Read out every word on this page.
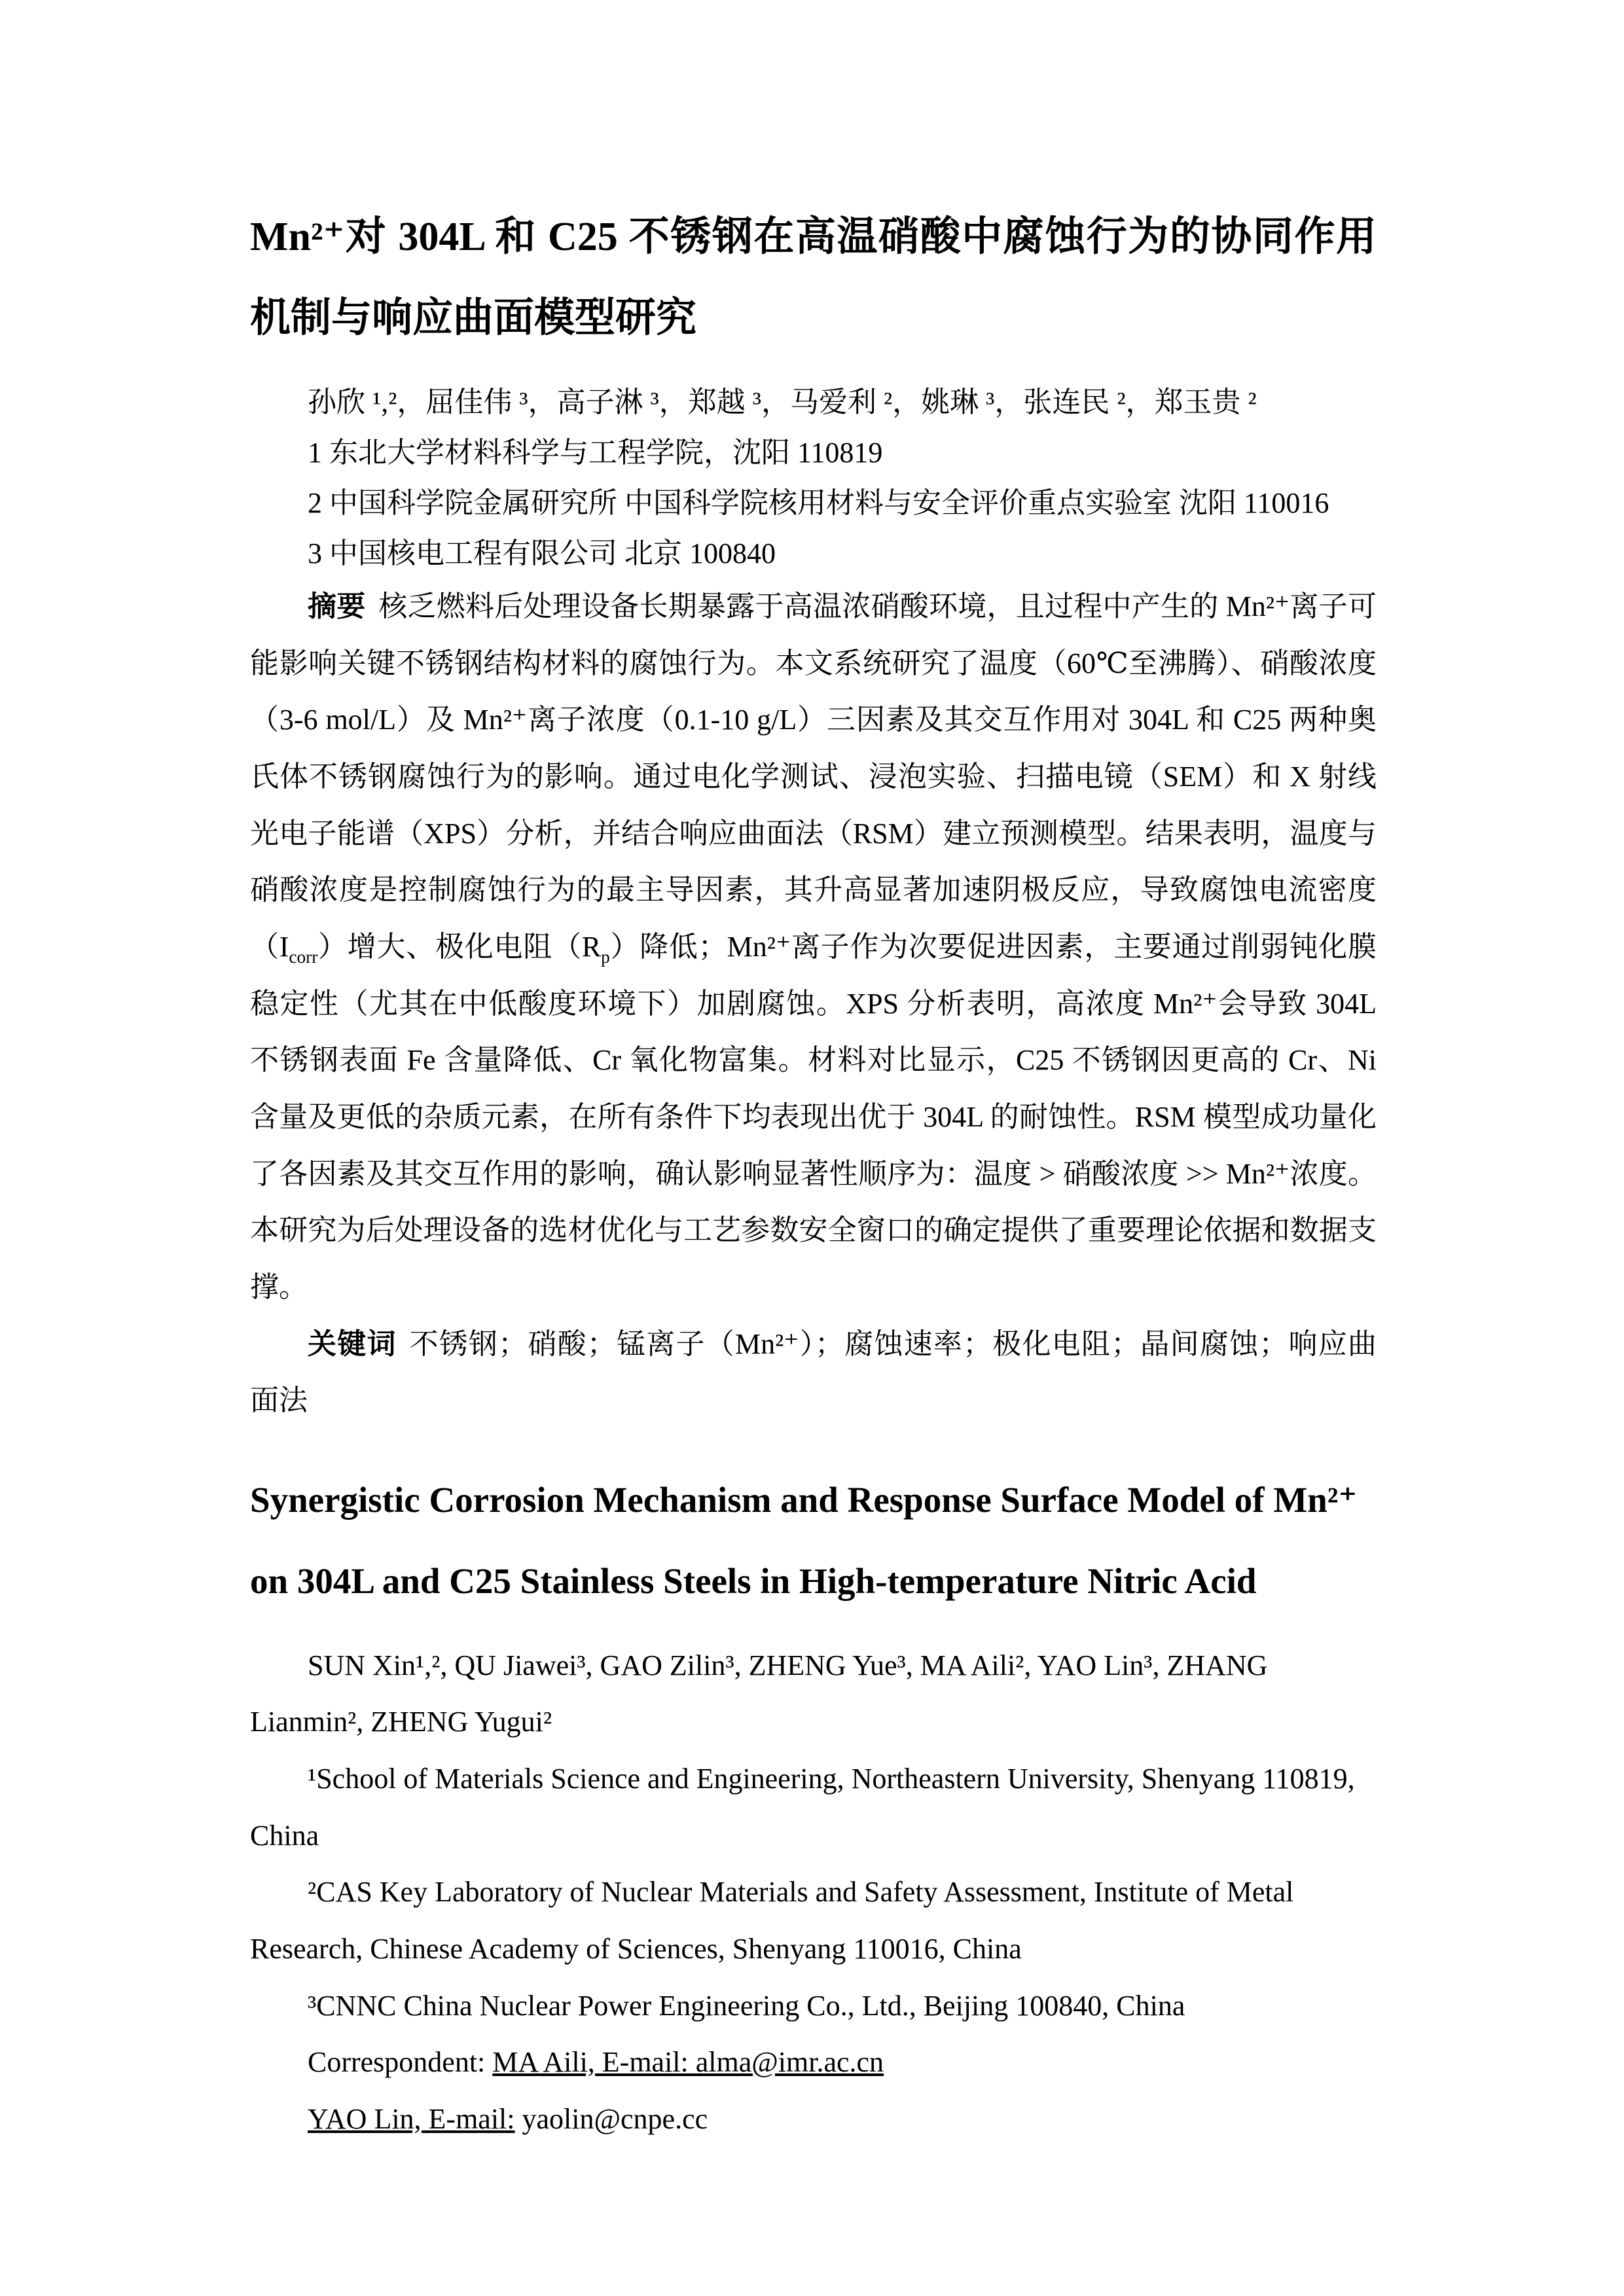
Mn²⁺对 304L 和 C25 不锈钢在高温硝酸中腐蚀行为的协同作用机制与响应曲面模型研究

孙欣 ¹,²，屈佳伟 ³，高子淋 ³，郑越 ³，马爱利 ²，姚琳 ³，张连民 ²，郑玉贵 ²

1 东北大学材料科学与工程学院，沈阳 110819

2 中国科学院金属研究所 中国科学院核用材料与安全评价重点实验室 沈阳 110016

3 中国核电工程有限公司 北京 100840

摘要 核乏燃料后处理设备长期暴露于高温浓硝酸环境，且过程中产生的 Mn²⁺离子可能影响关键不锈钢结构材料的腐蚀行为。本文系统研究了温度（60℃至沸腾）、硝酸浓度（3-6 mol/L）及 Mn²⁺离子浓度（0.1-10 g/L）三因素及其交互作用对 304L 和 C25 两种奥氏体不锈钢腐蚀行为的影响。通过电化学测试、浸泡实验、扫描电镜（SEM）和 X 射线光电子能谱（XPS）分析，并结合响应曲面法（RSM）建立预测模型。结果表明，温度与硝酸浓度是控制腐蚀行为的最主导因素，其升高显著加速阴极反应，导致腐蚀电流密度$(I_{corr})$增大、极化电阻$(R_p)$降低；Mn²⁺离子作为次要促进因素，主要通过削弱钝化膜稳定性（尤其在中低酸度环境下）加剧腐蚀。XPS 分析表明，高浓度 Mn²⁺会导致 304L 不锈钢表面 Fe 含量降低、Cr 氧化物富集。材料对比显示，C25 不锈钢因更高的 Cr、Ni 含量及更低的杂质元素，在所有条件下均表现出优于 304L 的耐蚀性。RSM 模型成功量化了各因素及其交互作用的影响，确认影响显著性顺序为：温度 > 硝酸浓度 >> Mn²⁺浓度。本研究为后处理设备的选材优化与工艺参数安全窗口的确定提供了重要理论依据和数据支撑。

关键词 不锈钢；硝酸；锰离子（Mn²⁺）；腐蚀速率；极化电阻；晶间腐蚀；响应曲面法

Synergistic Corrosion Mechanism and Response Surface Model of Mn²⁺ on 304L and C25 Stainless Steels in High-temperature Nitric Acid

SUN Xin¹,², QU Jiawei³, GAO Zilin³, ZHENG Yue³, MA Aili², YAO Lin³, ZHANG Lianmin², ZHENG Yugui²

¹School of Materials Science and Engineering, Northeastern University, Shenyang 110819, China

²CAS Key Laboratory of Nuclear Materials and Safety Assessment, Institute of Metal Research, Chinese Academy of Sciences, Shenyang 110016, China

³CNNC China Nuclear Power Engineering Co., Ltd., Beijing 100840, China

Correspondent: MA Aili, E-mail: alma@imr.ac.cn

YAO Lin, E-mail: yaolin@cnpe.cc
